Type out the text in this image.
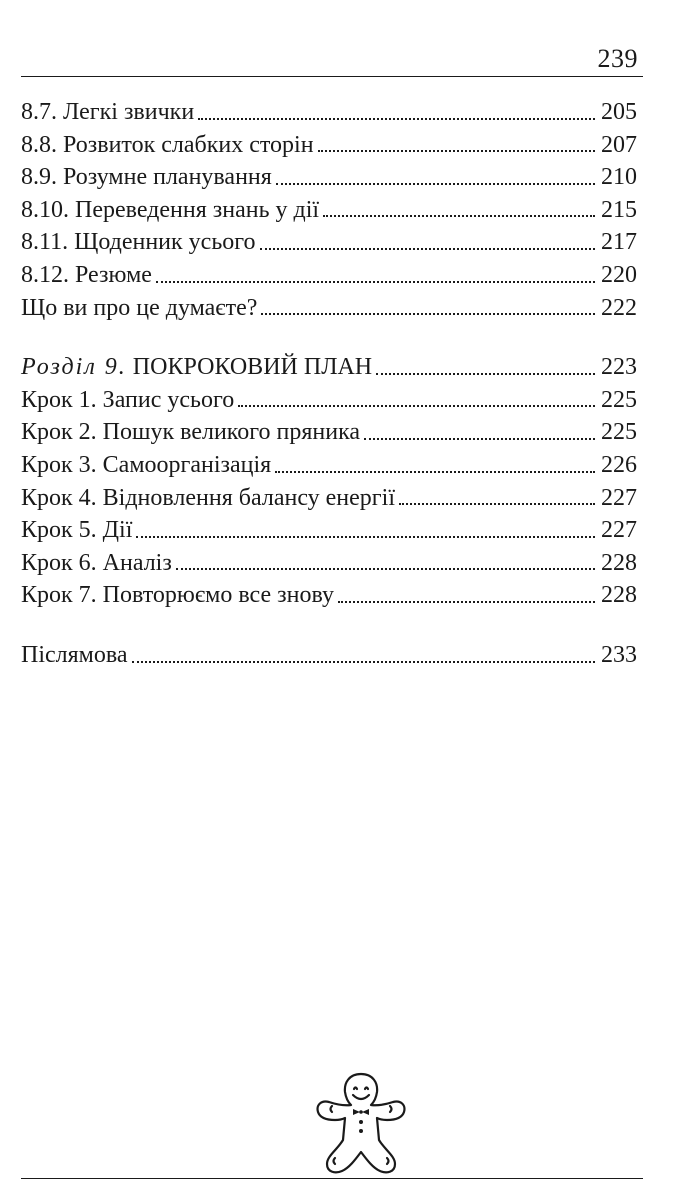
239
8.7. Легкі звички	205
8.8. Розвиток слабких сторін	207
8.9. Розумне планування	210
8.10. Переведення знань у дії	215
8.11. Щоденник усього	217
8.12. Резюме	220
Що ви про це думаєте?	222
Розділ 9. ПОКРОКОВИЙ ПЛАН	223
Крок 1. Запис усього	225
Крок 2. Пошук великого пряника	225
Крок 3. Самоорганізація	226
Крок 4. Відновлення балансу енергії	227
Крок 5. Дії	227
Крок 6. Аналіз	228
Крок 7. Повторюємо все знову	228
Післямова	233
